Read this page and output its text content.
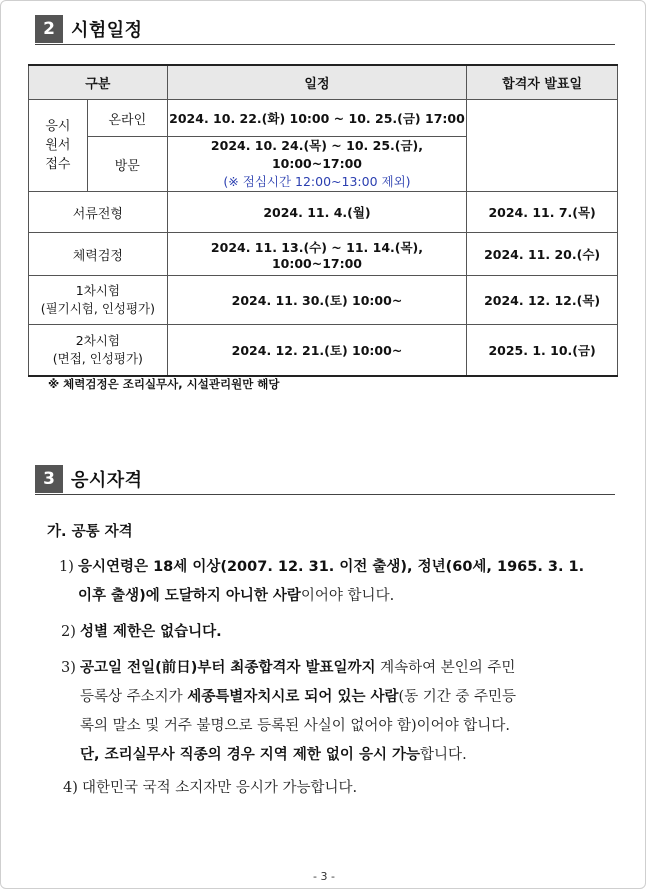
2 시험일정
구분		일정	합격자 발표일

응시
원서
접수	온라인	2024. 10. 22.(화) 10:00 ~ 10. 25.(금) 17:00	
	방문	2024. 10. 24.(목) ~ 10. 25.(금), 10:00~17:00
(※ 점심시간 12:00~13:00 제외)	

서류전형		2024. 11. 4.(월)	2024. 11. 7.(목)
체력검정		2024. 11. 13.(수) ~ 11. 14.(목), 10:00~17:00	2024. 11. 20.(수)

1차시험
(필기시험, 인성평가)		2024. 11. 30.(토) 10:00~	2024. 12. 12.(목)

2차시험
(면접, 인성평가)		2024. 12. 21.(토) 10:00~	2025. 1. 10.(금)
※ 체력검정은 조리실무사, 시설관리원만 해당
3 응시자격
가. 공통 자격
1) 응시연령은 18세 이상(2007. 12. 31. 이전 출생), 정년(60세, 1965. 3. 1.
이후 출생)에 도달하지 아니한 사람이어야 합니다.
2) 성별 제한은 없습니다.
3) 공고일 전일(前日)부터 최종합격자 발표일까지 계속하여 본인의 주민
등록상 주소지가 세종특별자치시로 되어 있는 사람(동 기간 중 주민등
록의 말소 및 거주 불명으로 등록된 사실이 없어야 함)이어야 합니다.
단, 조리실무사 직종의 경우 지역 제한 없이 응시 가능합니다.
4) 대한민국 국적 소지자만 응시가 가능합니다.
- 3 -
